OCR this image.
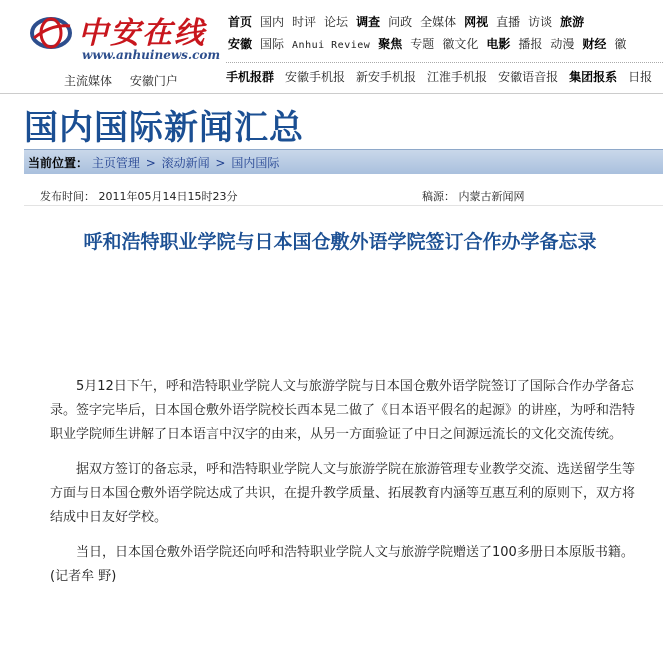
中安在线
www.anhuinews.com
主流媒体 安徽门户
首页 国内 时评 论坛 调查 问政 全媒体 网视 直播 访谈 旅游
安徽 国际 Anhui Review 聚焦 专题 徽文化 电影 播报 动漫 财经 徽
手机报群 安徽手机报 新安手机报 江淮手机报 安徽语音报 集团报系 日报
国内国际新闻汇总
当前位置： 主页管理 > 滚动新闻 > 国内国际
发布时间： 2011年05月14日15时23分	稿源： 内蒙古新闻网
呼和浩特职业学院与日本国仓敷外语学院签订合作办学备忘录

5月12日下午，呼和浩特职业学院人文与旅游学院与日本国仓敷外语学院签订了国际合作办学备忘录。签字完毕后，日本国仓敷外语学院校长西本晃二做了《日本语平假名的起源》的讲座，为呼和浩特职业学院师生讲解了日本语言中汉字的由来，从另一方面验证了中日之间源远流长的文化交流传统。

据双方签订的备忘录，呼和浩特职业学院人文与旅游学院在旅游管理专业教学交流、选送留学生等方面与日本国仓敷外语学院达成了共识，在提升教学质量、拓展教育内涵等互惠互利的原则下，双方将结成中日友好学校。

当日，日本国仓敷外语学院还向呼和浩特职业学院人文与旅游学院赠送了100多册日本原版书籍。(记者牟 野)
